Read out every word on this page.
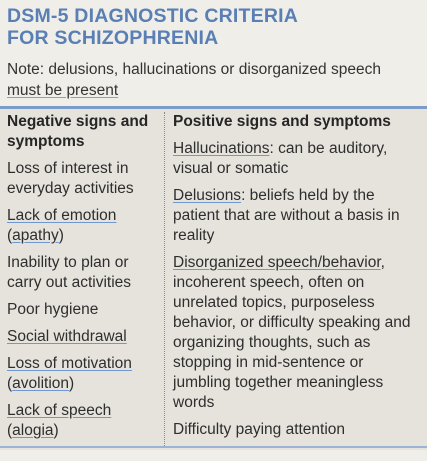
DSM-5 DIAGNOSTIC CRITERIA
FOR SCHIZOPHRENIA
Note: delusions, hallucinations or disorganized speech must be present
Negative signs and symptoms
Loss of interest in everyday activities
Lack of emotion (apathy)
Inability to plan or carry out activities
Poor hygiene
Social withdrawal
Loss of motivation (avolition)
Lack of speech (alogia)
Positive signs and symptoms
Hallucinations: can be auditory, visual or somatic
Delusions: beliefs held by the patient that are without a basis in reality
Disorganized speech/behavior, incoherent speech, often on unrelated topics, purposeless behavior, or difficulty speaking and organizing thoughts, such as stopping in mid-sentence or jumbling together meaningless words
Difficulty paying attention
